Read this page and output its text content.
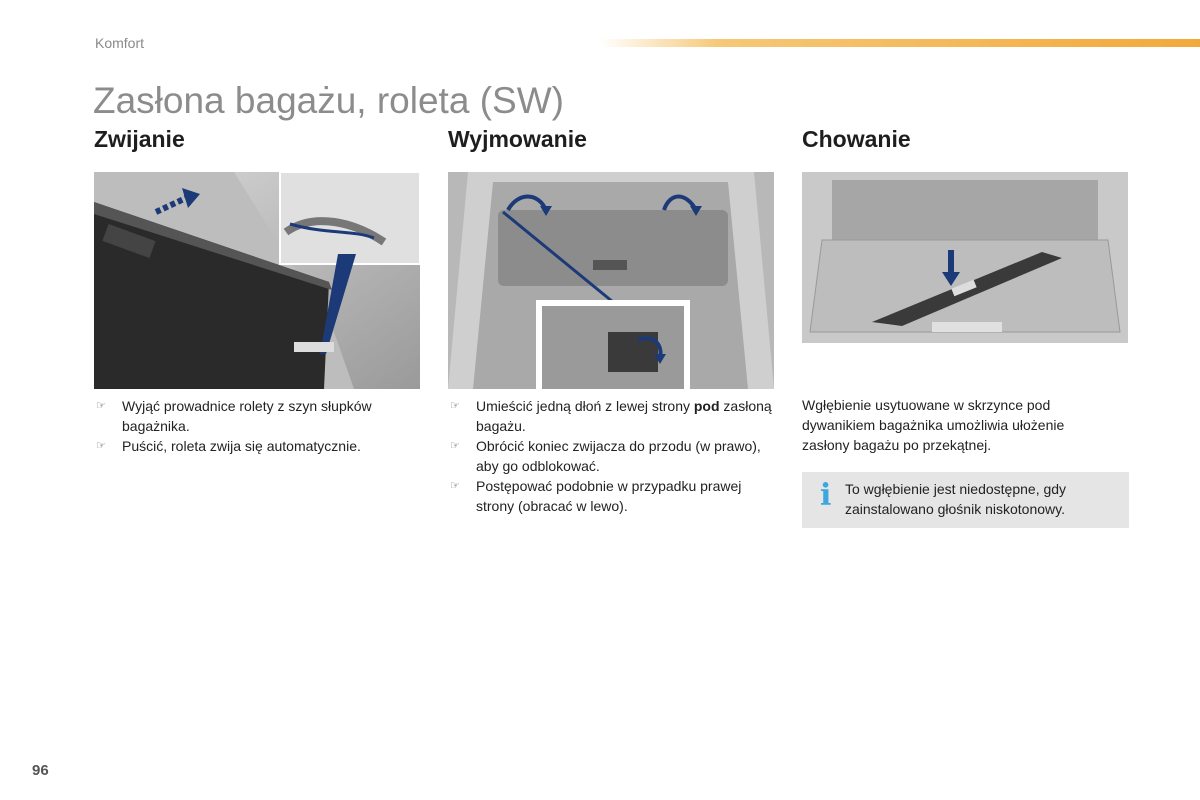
Komfort
Zasłona bagażu, roleta (SW)
Zwijanie
☞ Wyjąć prowadnice rolety z szyn słupków bagażnika.
☞ Puścić, roleta zwija się automatycznie.
Wyjmowanie
☞ Umieścić jedną dłoń z lewej strony pod zasłoną bagażu.
☞ Obrócić koniec zwijacza do przodu (w prawo), aby go odblokować.
☞ Postępować podobnie w przypadku prawej strony (obracać w lewo).
Chowanie

Wgłębienie usytuowane w skrzynce pod dywanikiem bagażnika umożliwia ułożenie zasłony bagażu po przekątnej.

i To wgłębienie jest niedostępne, gdy zainstalowano głośnik niskotonowy.
96
